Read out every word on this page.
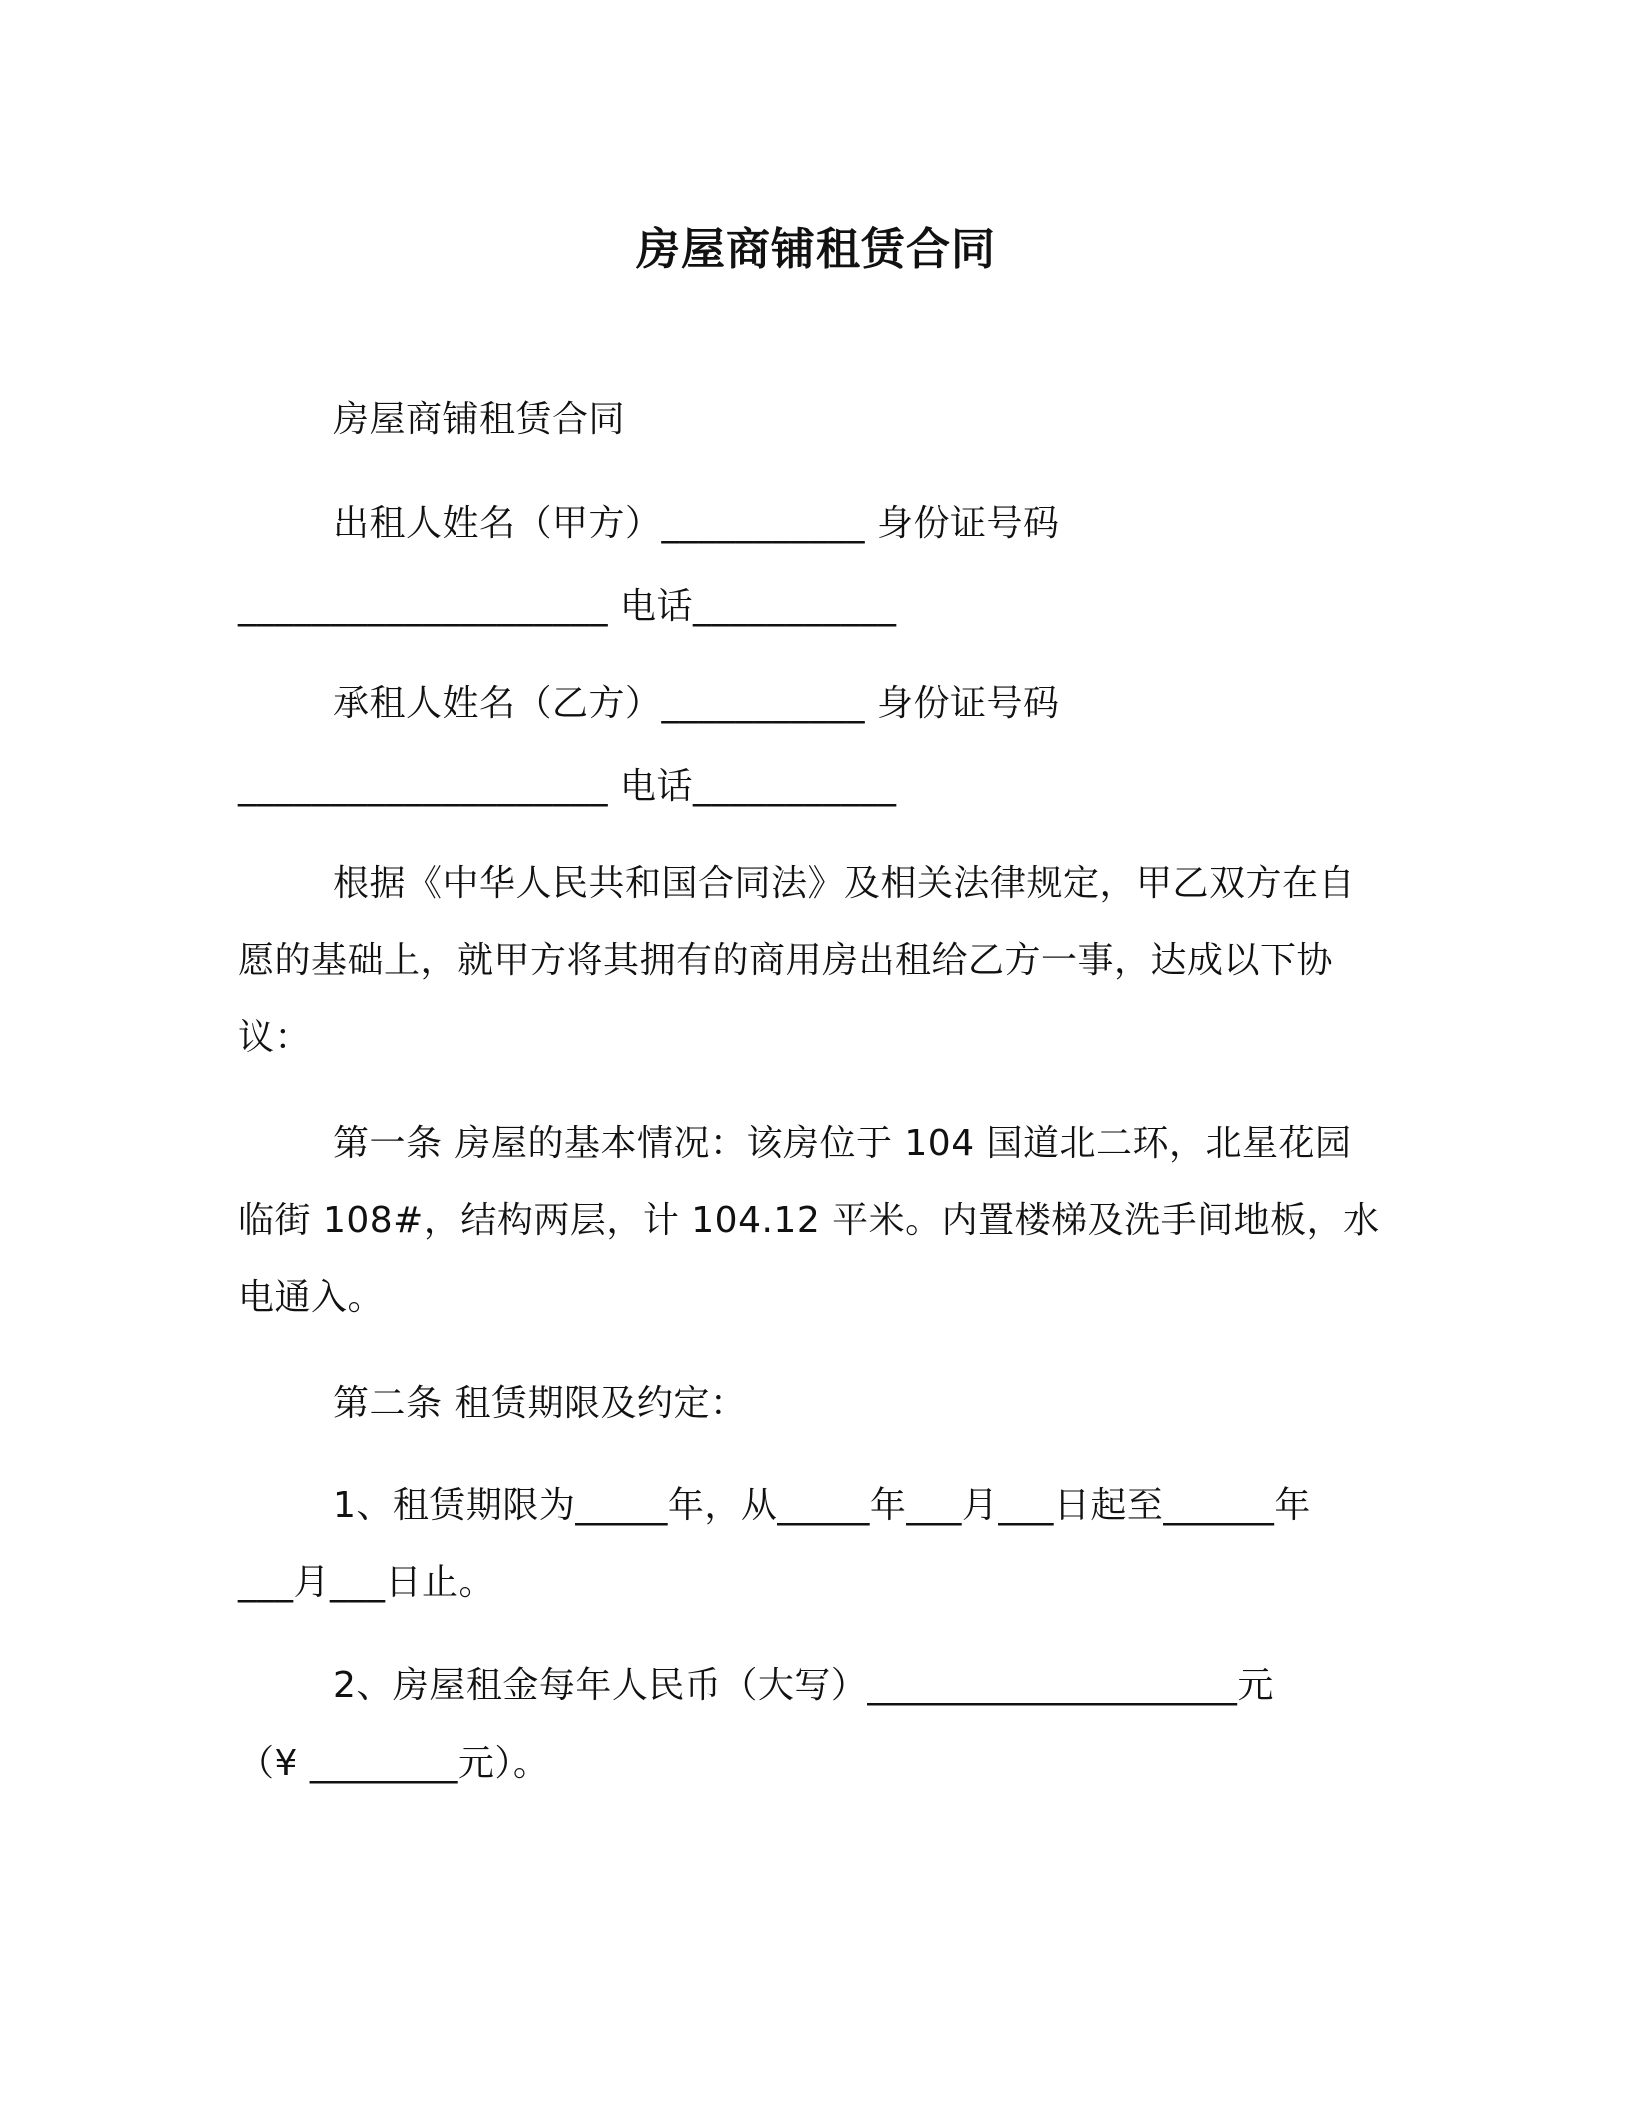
房屋商铺租赁合同
房屋商铺租赁合同
出租人姓名（甲方）___________ 身份证号码
____________________ 电话___________
承租人姓名（乙方）___________ 身份证号码
____________________ 电话___________
根据《中华人民共和国合同法》及相关法律规定，甲乙双方在自
愿的基础上，就甲方将其拥有的商用房出租给乙方一事，达成以下协
议：
第一条 房屋的基本情况：该房位于 104 国道北二环，北星花园
临街 108#，结构两层，计 104.12 平米。内置楼梯及洗手间地板，水
电通入。
第二条 租赁期限及约定：
1、租赁期限为_____年，从_____年___月___日起至______年
___月___日止。
2、房屋租金每年人民币（大写）____________________元
（¥ ________元）。
